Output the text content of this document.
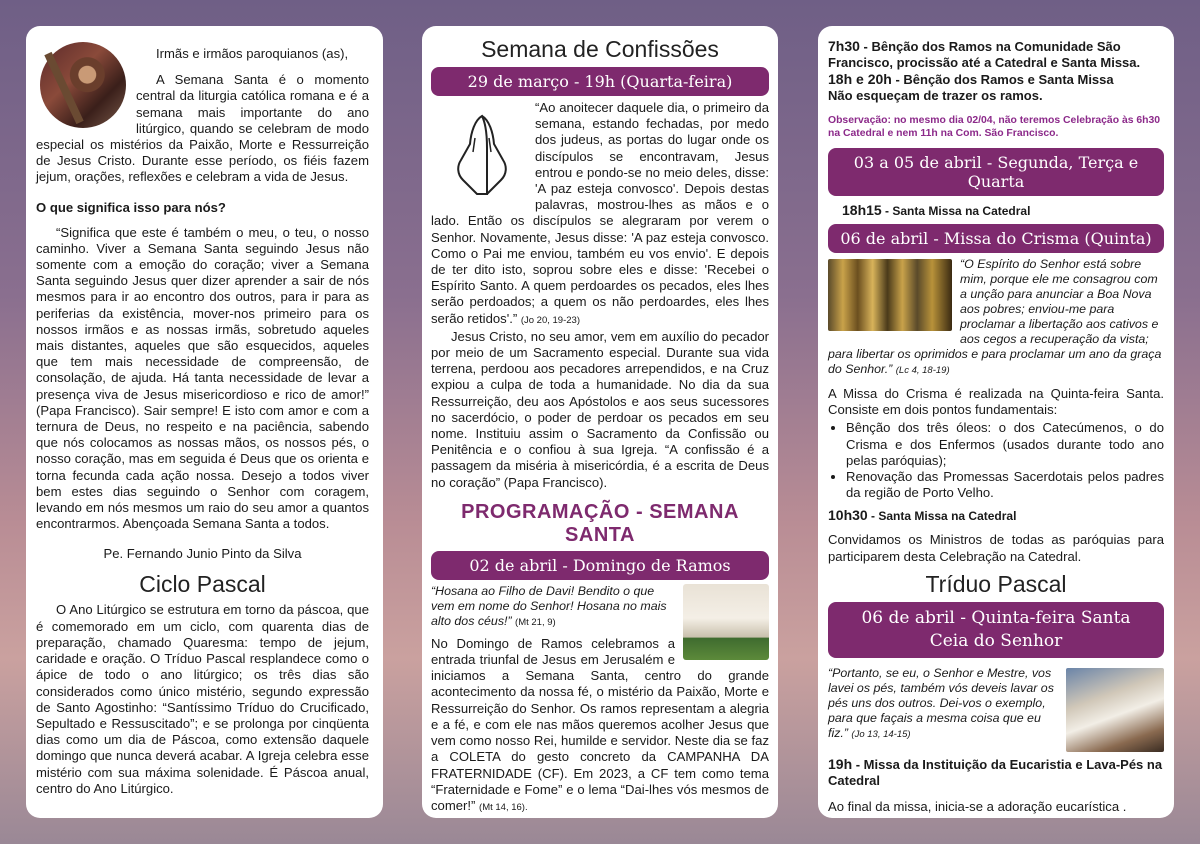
Irmãs e irmãos paroquianos (as),

A Semana Santa é o momento central da liturgia católica romana e é a semana mais importante do ano litúrgico, quando se celebram de modo especial os mistérios da Paixão, Morte e Ressurreição de Jesus Cristo. Durante esse período, os fiéis fazem jejum, orações, reflexões e celebram a vida de Jesus.

O que significa isso para nós?

“Significa que este é também o meu, o teu, o nosso caminho. Viver a Semana Santa seguindo Jesus não somente com a emoção do coração; viver a Semana Santa seguindo Jesus quer dizer aprender a sair de nós mesmos para ir ao encontro dos outros, para ir para as periferias da existência, mover-nos primeiro para os nossos irmãos e as nossas irmãs, sobretudo aqueles mais distantes, aqueles que são esquecidos, aqueles que tem mais necessidade de compreensão, de consolação, de ajuda. Há tanta necessidade de levar a presença viva de Jesus misericordioso e rico de amor!” (Papa Francisco). Sair sempre! E isto com amor e com a ternura de Deus, no respeito e na paciência, sabendo que nós colocamos as nossas mãos, os nossos pés, o nosso coração, mas em seguida é Deus que os orienta e torna fecunda cada ação nossa. Desejo a todos viver bem estes dias seguindo o Senhor com coragem, levando em nós mesmos um raio do seu amor a quantos encontrarmos. Abençoada Semana Santa a todos.

Pe. Fernando Junio Pinto da Silva

Ciclo Pascal

O Ano Litúrgico se estrutura em torno da páscoa, que é comemorado em um ciclo, com quarenta dias de preparação, chamado Quaresma: tempo de jejum, caridade e oração. O Tríduo Pascal resplandece como o ápice de todo o ano litúrgico; os três dias são considerados como único mistério, segundo expressão de Santo Agostinho: “Santíssimo Tríduo do Crucificado, Sepultado e Ressuscitado”; e se prolonga por cinqüenta dias como um dia de Páscoa, como extensão daquele domingo que nunca deverá acabar. A Igreja celebra esse mistério com sua máxima solenidade. É Páscoa anual, centro do Ano Litúrgico.

Semana de Confissões
29 de março - 19h (Quarta-feira)

“Ao anoitecer daquele dia, o primeiro da semana, estando fechadas, por medo dos judeus, as portas do lugar onde os discípulos se encontravam, Jesus entrou e pondo-se no meio deles, disse: 'A paz esteja convosco'. Depois destas palavras, mostrou-lhes as mãos e o lado. Então os discípulos se alegraram por verem o Senhor. Novamente, Jesus disse: 'A paz esteja convosco. Como o Pai me enviou, também eu vos envio'. E depois de ter dito isto, soprou sobre eles e disse: 'Recebei o Espírito Santo. A quem perdoardes os pecados, eles lhes serão perdoados; a quem os não perdoardes, eles lhes serão retidos'.” (Jo 20, 19-23)

Jesus Cristo, no seu amor, vem em auxílio do pecador por meio de um Sacramento especial. Durante sua vida terrena, perdoou aos pecadores arrependidos, e na Cruz expiou a culpa de toda a humanidade. No dia da sua Ressurreição, deu aos Apóstolos e aos seus sucessores no sacerdócio, o poder de perdoar os pecados em seu nome. Instituiu assim o Sacramento da Confissão ou Penitência e o confiou à sua Igreja. “A confissão é a passagem da miséria à misericórdia, é a escrita de Deus no coração” (Papa Francisco).

PROGRAMAÇÃO - SEMANA SANTA
02 de abril - Domingo de Ramos

“Hosana ao Filho de Davi! Bendito o que vem em nome do Senhor! Hosana no mais alto dos céus!” (Mt 21, 9)

No Domingo de Ramos celebramos a entrada triunfal de Jesus em Jerusalém e iniciamos a Semana Santa, centro do grande acontecimento da nossa fé, o mistério da Paixão, Morte e Ressurreição do Senhor. Os ramos representam a alegria e a fé, e com ele nas mãos queremos acolher Jesus que vem como nosso Rei, humilde e servidor. Neste dia se faz a COLETA do gesto concreto da CAMPANHA DA FRATERNIDADE (CF). Em 2023, a CF tem como tema “Fraternidade e Fome” e o lema “Dai-lhes vós mesmos de comer!” (Mt 14, 16).

7h30 - Bênção dos Ramos na Comunidade São Francisco, procissão até a Catedral e Santa Missa.

18h e 20h - Bênção dos Ramos e Santa Missa

Não esqueçam de trazer os ramos.

Observação: no mesmo dia 02/04, não teremos Celebração às 6h30 na Catedral e nem 11h na Com. São Francisco.

03 a 05 de abril - Segunda, Terça e Quarta

18h15 - Santa Missa na Catedral

06 de abril - Missa do Crisma (Quinta)

“O Espírito do Senhor está sobre mim, porque ele me consagrou com a unção para anunciar a Boa Nova aos pobres; enviou-me para proclamar a libertação aos cativos e aos cegos a recuperação da vista; para libertar os oprimidos e para proclamar um ano da graça do Senhor.” (Lc 4, 18-19)

A Missa do Crisma é realizada na Quinta-feira Santa. Consiste em dois pontos fundamentais:

• Bênção dos três óleos: o dos Catecúmenos, o do Crisma e dos Enfermos (usados durante todo ano pelas paróquias);
• Renovação das Promessas Sacerdotais pelos padres da região de Porto Velho.

10h30 - Santa Missa na Catedral

Convidamos os Ministros de todas as paróquias para participarem desta Celebração na Catedral.

Tríduo Pascal
06 de abril - Quinta-feira Santa
Ceia do Senhor

“Portanto, se eu, o Senhor e Mestre, vos lavei os pés, também vós deveis lavar os pés uns dos outros. Dei-vos o exemplo, para que façais a mesma coisa que eu fiz.” (Jo 13, 14-15)

19h - Missa da Instituição da Eucaristia e Lava-Pés na Catedral

Ao final da missa, inicia-se a adoração eucarística .
